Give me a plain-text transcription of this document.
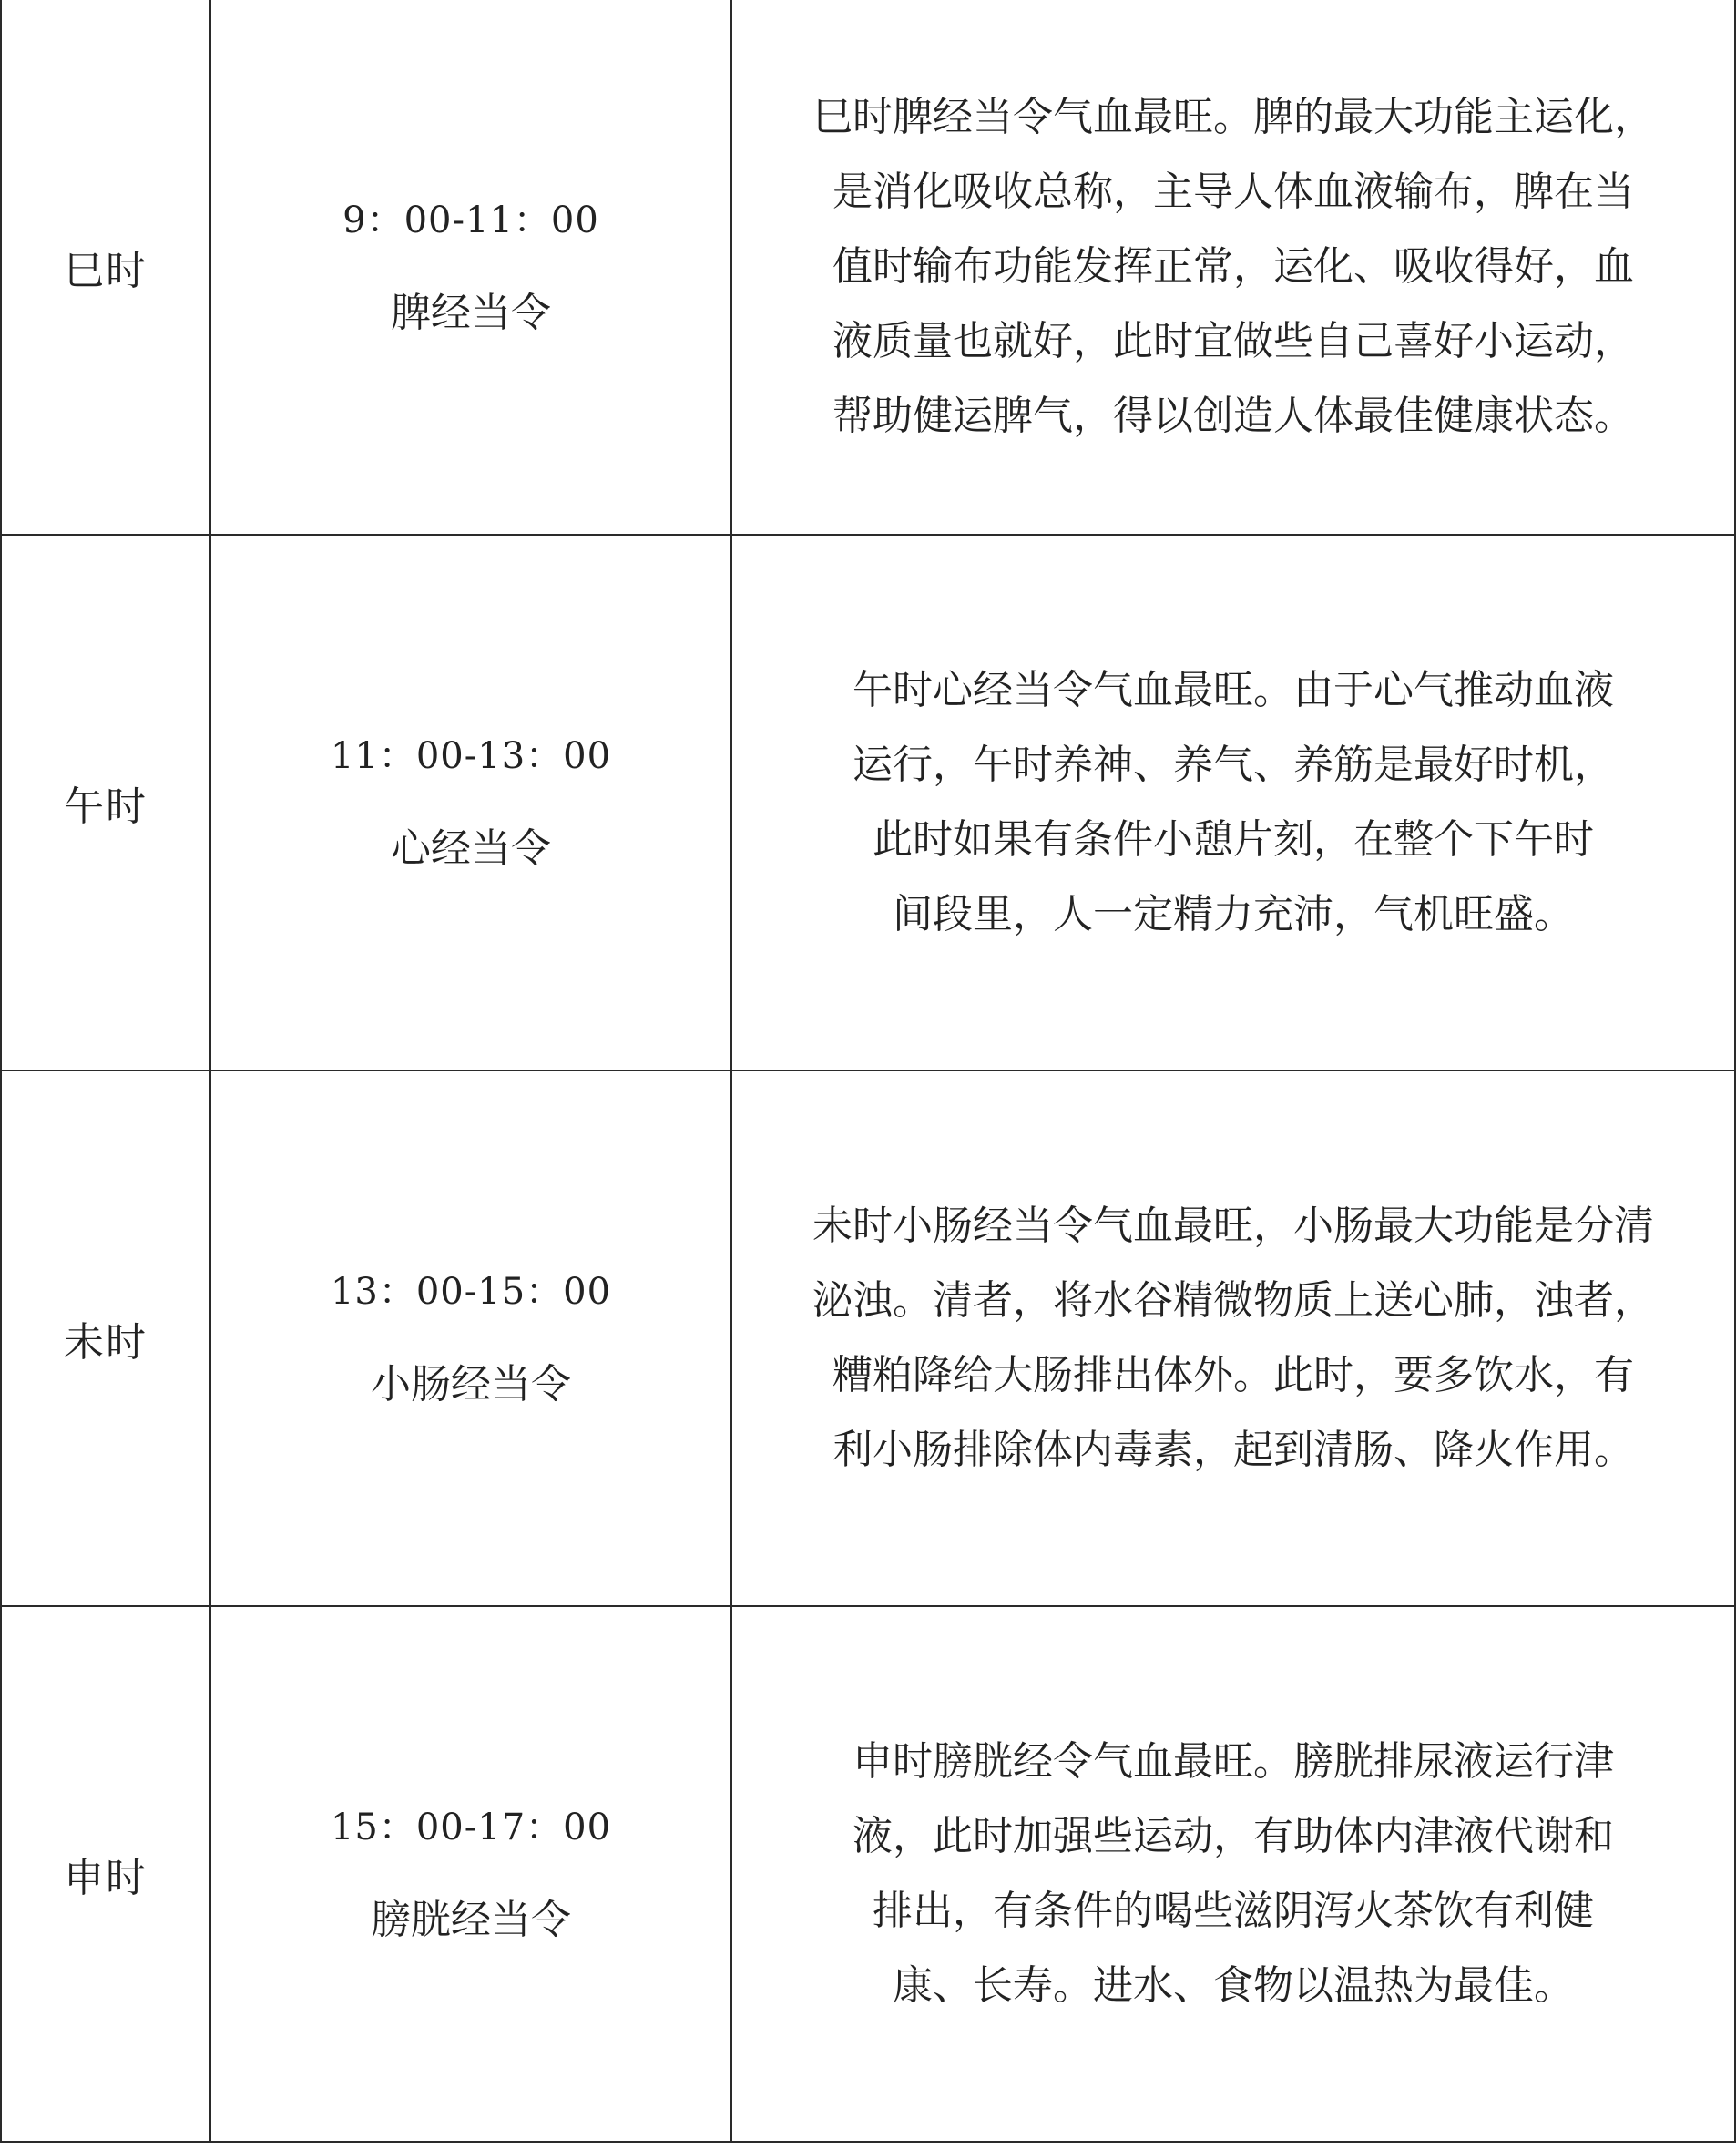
巳时	9：00-11：00
脾经当令	巳时脾经当令气血最旺。脾的最大功能主运化，
是消化吸收总称，主导人体血液输布，脾在当
值时输布功能发挥正常，运化、吸收得好，血
液质量也就好，此时宜做些自己喜好小运动，
帮助健运脾气，得以创造人体最佳健康状态。

午时	11：00-13：00
心经当令	午时心经当令气血最旺。由于心气推动血液
运行，午时养神、养气、养筋是最好时机，
此时如果有条件小憩片刻，在整个下午时
间段里，人一定精力充沛，气机旺盛。

未时	13：00-15：00
小肠经当令	未时小肠经当令气血最旺，小肠最大功能是分清
泌浊。清者，将水谷精微物质上送心肺，浊者，
糟粕降给大肠排出体外。此时，要多饮水，有
利小肠排除体内毒素，起到清肠、降火作用。

申时	15：00-17：00
膀胱经当令	申时膀胱经令气血最旺。膀胱排尿液运行津
液，此时加强些运动，有助体内津液代谢和
排出，有条件的喝些滋阴泻火茶饮有利健
康、长寿。进水、食物以温热为最佳。
